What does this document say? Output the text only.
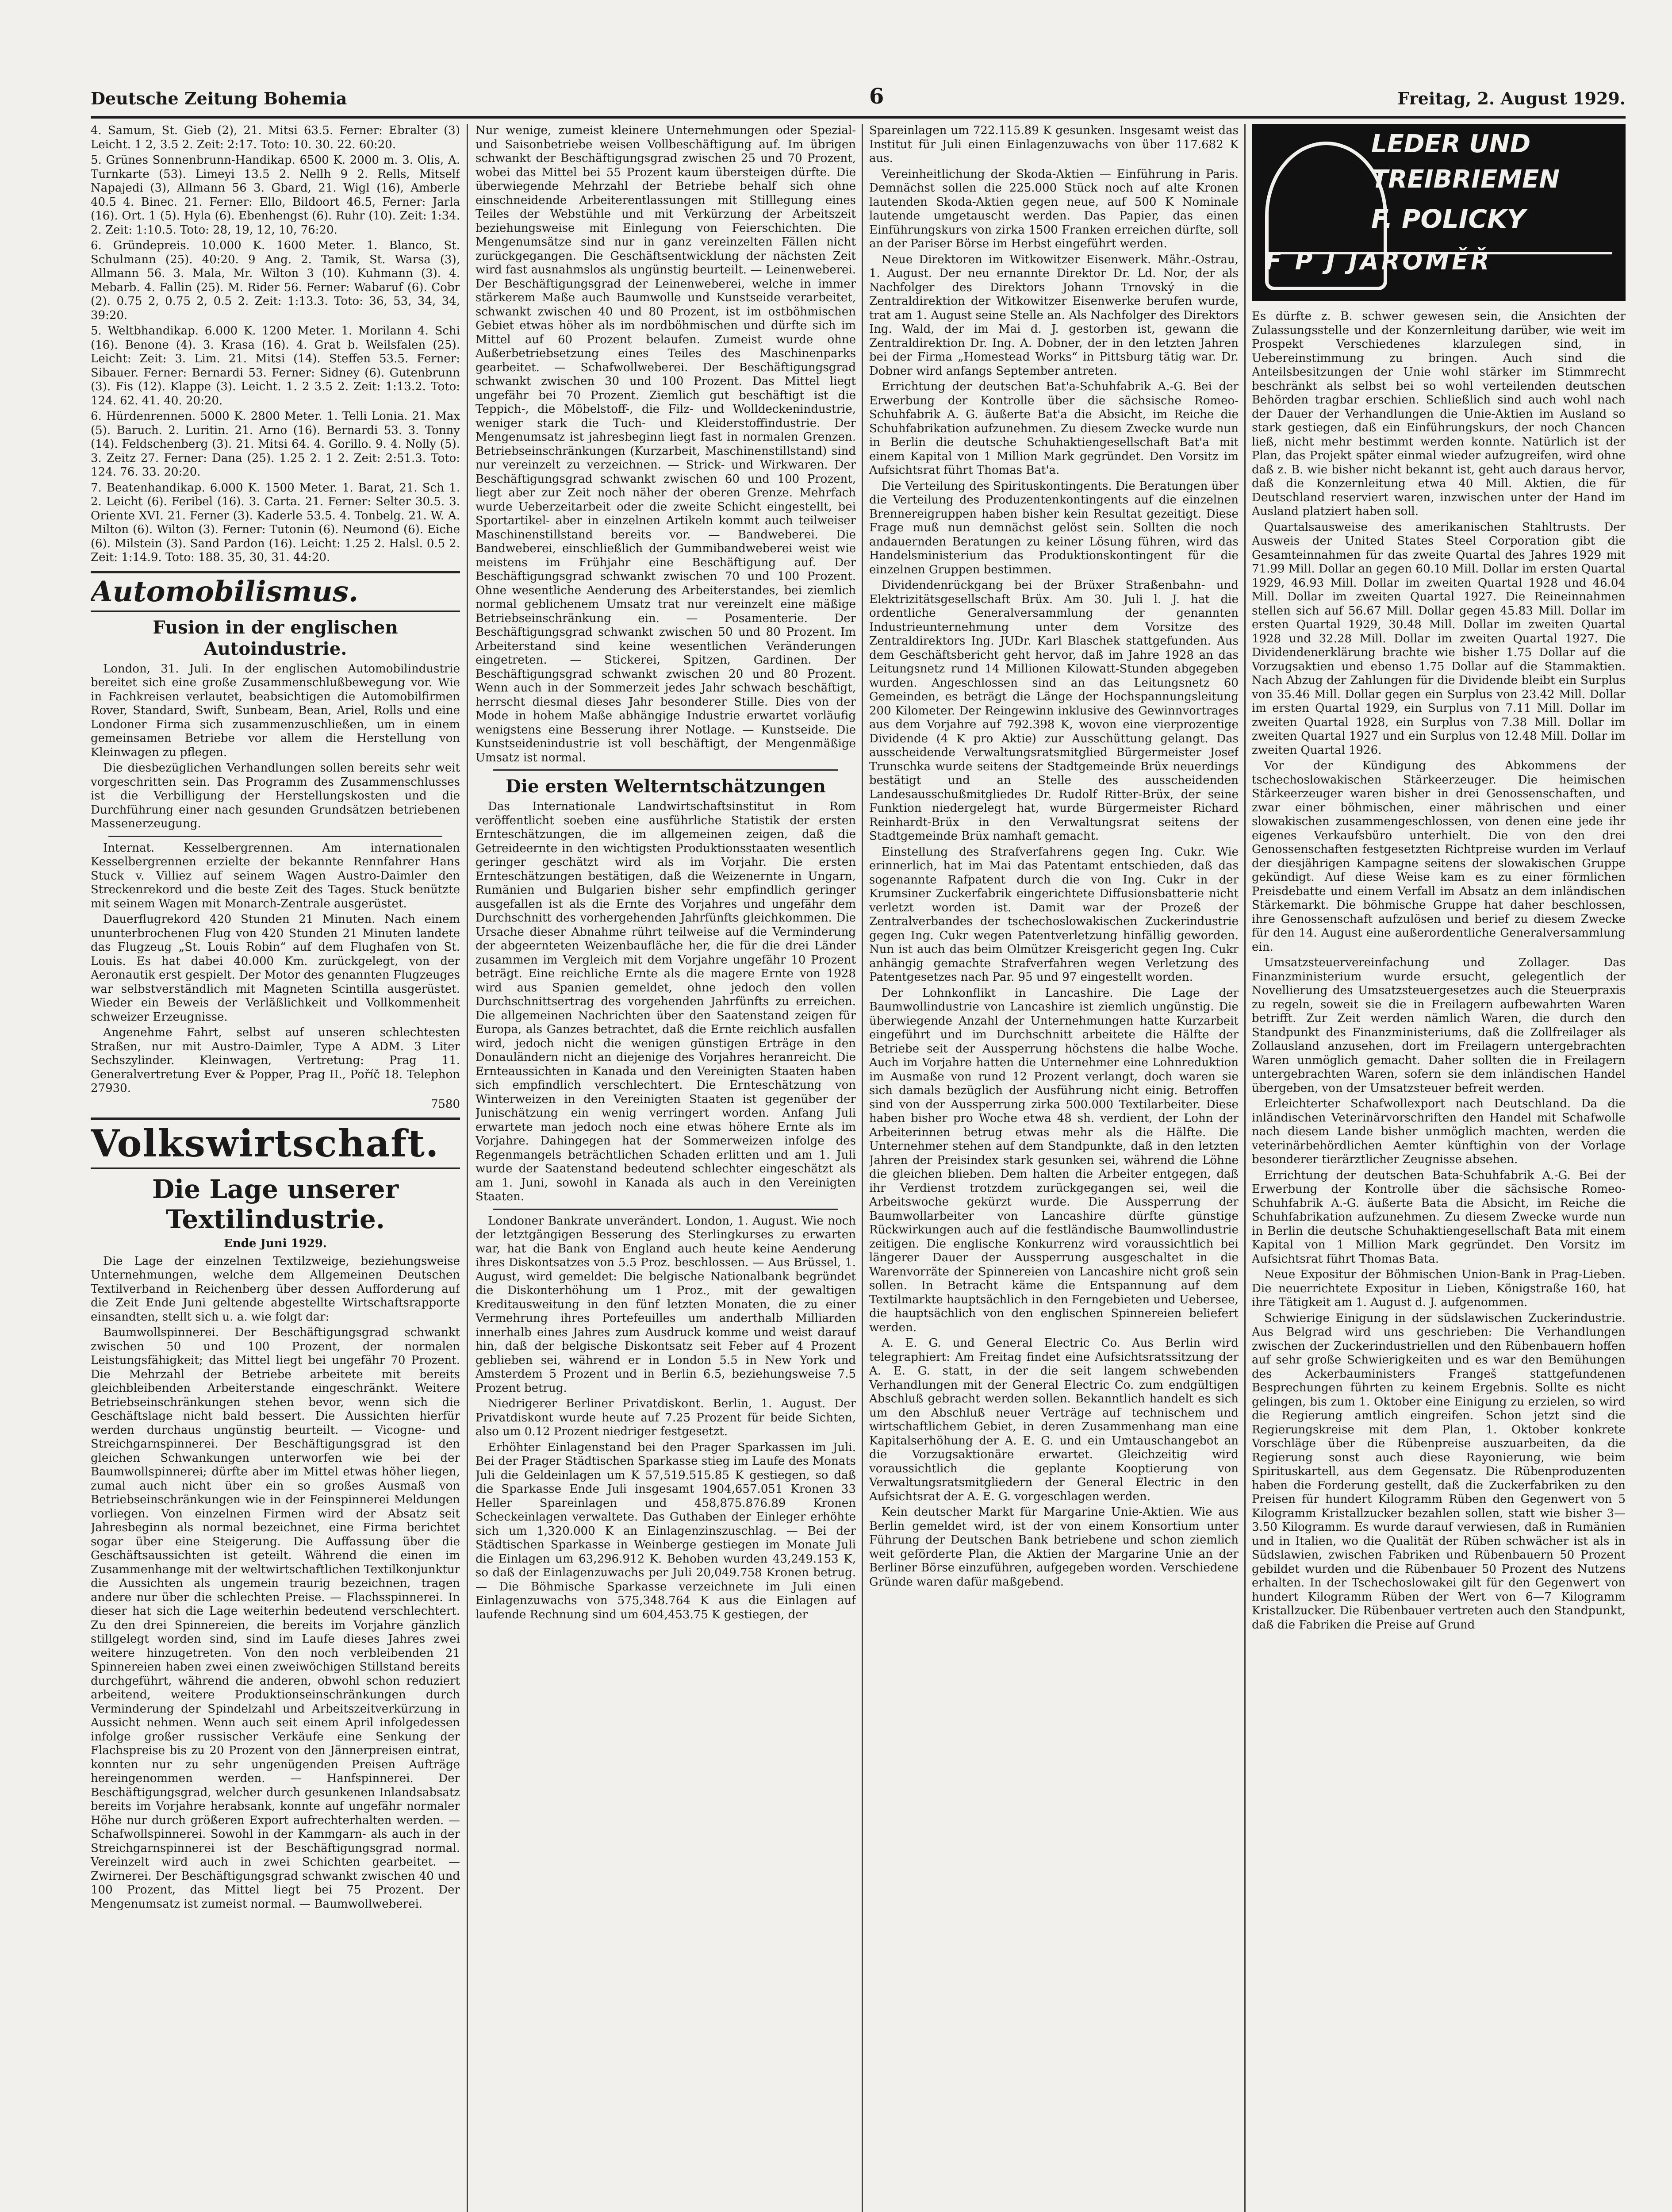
Deutsche Zeitung Bohemia	6	Freitag, 2. August 1929.

4. Samum, St. Gieb (2), 21. Mitsi 63.5. Ferner: Ebralter (3) Leicht. 1 2, 3.5 2. Zeit: 2:17. Toto: 10. 30. 22. 60:20.

5. Grünes Sonnenbrunn-Handikap. 6500 K. 2000 m. 3. Olis, A. Turnkarte (53). Limeyi 13.5 2. Nellh 9 2. Rells, Mitself Napajedi (3), Allmann 56 3. Gbard, 21. Wigl (16), Amberle 40.5 4. Binec. 21. Ferner: Ello, Bildoort 46.5, Ferner: Jarla (16). Ort. 1 (5). Hyla (6). Ebenhengst (6). Ruhr (10). Zeit: 1:34. 2. Zeit: 1:10.5. Toto: 28, 19, 12, 10, 76:20.

6. Gründepreis. 10.000 K. 1600 Meter. 1. Blanco, St. Schulmann (25). 40:20. 9 Ang. 2. Tamik, St. Warsa (3), Allmann 56. 3. Mala, Mr. Wilton 3 (10). Kuhmann (3). 4. Mebarb. 4. Fallin (25). M. Rider 56. Ferner: Wabaruf (6). Cobr (2). 0.75 2, 0.75 2, 0.5 2. Zeit: 1:13.3. Toto: 36, 53, 34, 34, 39:20.

5. Weltbhandikap. 6.000 K. 1200 Meter. 1. Morilann 4. Schi (16). Benone (4). 3. Krasa (16). 4. Grat b. Weilsfalen (25). Leicht: Zeit: 3. Lim. 21. Mitsi (14). Steffen 53.5. Ferner: Sibauer. Ferner: Bernardi 53. Ferner: Sidney (6). Gutenbrunn (3). Fis (12). Klappe (3). Leicht. 1. 2 3.5 2. Zeit: 1:13.2. Toto: 124. 62. 41. 40. 20:20.

6. Hürdenrennen. 5000 K. 2800 Meter. 1. Telli Lonia. 21. Max (5). Baruch. 2. Luritin. 21. Arno (16). Bernardi 53. 3. Tonny (14). Feldschenberg (3). 21. Mitsi 64. 4. Gorillo. 9. 4. Nolly (5). 3. Zeitz 27. Ferner: Dana (25). 1.25 2. 1 2. Zeit: 2:51.3. Toto: 124. 76. 33. 20:20.

7. Beatenhandikap. 6.000 K. 1500 Meter. 1. Barat, 21. Sch 1. 2. Leicht (6). Feribel (16). 3. Carta. 21. Ferner: Selter 30.5. 3. Oriente XVI. 21. Ferner (3). Kaderle 53.5. 4. Tonbelg. 21. W. A. Milton (6). Wilton (3). Ferner: Tutonin (6). Neumond (6). Eiche (6). Milstein (3). Sand Pardon (16). Leicht: 1.25 2. Halsl. 0.5 2. Zeit: 1:14.9. Toto: 188. 35, 30, 31. 44:20.

Automobilismus.
Fusion in der englischen Autoindustrie.

London, 31. Juli. In der englischen Automobilindustrie bereitet sich eine große Zusammenschlußbewegung vor. Wie in Fachkreisen verlautet, beabsichtigen die Automobilfirmen Rover, Standard, Swift, Sunbeam, Bean, Ariel, Rolls und eine Londoner Firma sich zusammenzuschließen, um in einem gemeinsamen Betriebe vor allem die Herstellung von Kleinwagen zu pflegen.

Die diesbezüglichen Verhandlungen sollen bereits sehr weit vorgeschritten sein. Das Programm des Zusammenschlusses ist die Verbilligung der Herstellungskosten und die Durchführung einer nach gesunden Grundsätzen betriebenen Massenerzeugung.

Internat. Kesselbergrennen. Am internationalen Kesselbergrennen erzielte der bekannte Rennfahrer Hans Stuck v. Villiez auf seinem Wagen Austro-Daimler den Streckenrekord und die beste Zeit des Tages. Stuck benützte mit seinem Wagen mit Monarch-Zentrale ausgerüstet.

Dauerflugrekord 420 Stunden 21 Minuten. Nach einem ununterbrochenen Flug von 420 Stunden 21 Minuten landete das Flugzeug „St. Louis Robin“ auf dem Flughafen von St. Louis. Es hat dabei 40.000 Km. zurückgelegt, von der Aeronautik erst gespielt. Der Motor des genannten Flugzeuges war selbstverständlich mit Magneten Scintilla ausgerüstet. Wieder ein Beweis der Verläßlichkeit und Vollkommenheit schweizer Erzeugnisse.

Angenehme Fahrt, selbst auf unseren schlechtesten Straßen, nur mit Austro-Daimler, Type A ADM. 3 Liter Sechszylinder. Kleinwagen, Vertretung: Prag 11. Generalvertretung Ever & Popper, Prag II., Poříč 18. Telephon 27930.

7580

Volkswirtschaft.
Die Lage unserer Textilindustrie.
Ende Juni 1929.

Die Lage der einzelnen Textilzweige, beziehungsweise Unternehmungen, welche dem Allgemeinen Deutschen Textilverband in Reichenberg über dessen Aufforderung auf die Zeit Ende Juni geltende abgestellte Wirtschaftsrapporte einsandten, stellt sich u. a. wie folgt dar:

Baumwollspinnerei. Der Beschäftigungsgrad schwankt zwischen 50 und 100 Prozent, der normalen Leistungsfähigkeit; das Mittel liegt bei ungefähr 70 Prozent. Die Mehrzahl der Betriebe arbeitete mit bereits gleichbleibenden Arbeiterstande eingeschränkt. Weitere Betriebseinschränkungen stehen bevor, wenn sich die Geschäftslage nicht bald bessert. Die Aussichten hierfür werden durchaus ungünstig beurteilt. — Vicogne- und Streichgarnspinnerei. Der Beschäftigungsgrad ist den gleichen Schwankungen unterworfen wie bei der Baumwollspinnerei; dürfte aber im Mittel etwas höher liegen, zumal auch nicht über ein so großes Ausmaß von Betriebseinschränkungen wie in der Feinspinnerei Meldungen vorliegen. Von einzelnen Firmen wird der Absatz seit Jahresbeginn als normal bezeichnet, eine Firma berichtet sogar über eine Steigerung. Die Auffassung über die Geschäftsaussichten ist geteilt. Während die einen im Zusammenhange mit der weltwirtschaftlichen Textilkonjunktur die Aussichten als ungemein traurig bezeichnen, tragen andere nur über die schlechten Preise. — Flachsspinnerei. In dieser hat sich die Lage weiterhin bedeutend verschlechtert. Zu den drei Spinnereien, die bereits im Vorjahre gänzlich stillgelegt worden sind, sind im Laufe dieses Jahres zwei weitere hinzugetreten. Von den noch verbleibenden 21 Spinnereien haben zwei einen zweiwöchigen Stillstand bereits durchgeführt, während die anderen, obwohl schon reduziert arbeitend, weitere Produktionseinschränkungen durch Verminderung der Spindelzahl und Arbeitszeitverkürzung in Aussicht nehmen. Wenn auch seit einem April infolgedessen infolge großer russischer Verkäufe eine Senkung der Flachspreise bis zu 20 Prozent von den Jännerpreisen eintrat, konnten nur zu sehr ungenügenden Preisen Aufträge hereingenommen werden. — Hanfspinnerei. Der Beschäftigungsgrad, welcher durch gesunkenen Inlandsabsatz bereits im Vorjahre herabsank, konnte auf ungefähr normaler Höhe nur durch größeren Export aufrechterhalten werden. — Schafwollspinnerei. Sowohl in der Kammgarn- als auch in der Streichgarnspinnerei ist der Beschäftigungsgrad normal. Vereinzelt wird auch in zwei Schichten gearbeitet. — Zwirnerei. Der Beschäftigungsgrad schwankt zwischen 40 und 100 Prozent, das Mittel liegt bei 75 Prozent. Der Mengenumsatz ist zumeist normal. — Baumwollweberei.

Nur wenige, zumeist kleinere Unternehmungen oder Spezial- und Saisonbetriebe weisen Vollbeschäftigung auf. Im übrigen schwankt der Beschäftigungsgrad zwischen 25 und 70 Prozent, wobei das Mittel bei 55 Prozent kaum übersteigen dürfte. Die überwiegende Mehrzahl der Betriebe behalf sich ohne einschneidende Arbeiterentlassungen mit Stilllegung eines Teiles der Webstühle und mit Verkürzung der Arbeitszeit beziehungsweise mit Einlegung von Feierschichten. Die Mengenumsätze sind nur in ganz vereinzelten Fällen nicht zurückgegangen. Die Geschäftsentwicklung der nächsten Zeit wird fast ausnahmslos als ungünstig beurteilt. — Leinenweberei. Der Beschäftigungsgrad der Leinenweberei, welche in immer stärkerem Maße auch Baumwolle und Kunstseide verarbeitet, schwankt zwischen 40 und 80 Prozent, ist im ostböhmischen Gebiet etwas höher als im nordböhmischen und dürfte sich im Mittel auf 60 Prozent belaufen. Zumeist wurde ohne Außerbetriebsetzung eines Teiles des Maschinenparks gearbeitet. — Schafwollweberei. Der Beschäftigungsgrad schwankt zwischen 30 und 100 Prozent. Das Mittel liegt ungefähr bei 70 Prozent. Ziemlich gut beschäftigt ist die Teppich-, die Möbelstoff-, die Filz- und Wolldeckenindustrie, weniger stark die Tuch- und Kleiderstoffindustrie. Der Mengenumsatz ist jahresbeginn liegt fast in normalen Grenzen. Betriebseinschränkungen (Kurzarbeit, Maschinenstillstand) sind nur vereinzelt zu verzeichnen. — Strick- und Wirkwaren. Der Beschäftigungsgrad schwankt zwischen 60 und 100 Prozent, liegt aber zur Zeit noch näher der oberen Grenze. Mehrfach wurde Ueberzeitarbeit oder die zweite Schicht eingestellt, bei Sportartikel- aber in einzelnen Artikeln kommt auch teilweiser Maschinenstillstand bereits vor. — Bandweberei. Die Bandweberei, einschließlich der Gummibandweberei weist wie meistens im Frühjahr eine Beschäftigung auf. Der Beschäftigungsgrad schwankt zwischen 70 und 100 Prozent. Ohne wesentliche Aenderung des Arbeiterstandes, bei ziemlich normal geblichenem Umsatz trat nur vereinzelt eine mäßige Betriebseinschränkung ein. — Posamenteriе. Der Beschäftigungsgrad schwankt zwischen 50 und 80 Prozent. Im Arbeiterstand sind keine wesentlichen Veränderungen eingetreten. — Stickerei, Spitzen, Gardinen. Der Beschäftigungsgrad schwankt zwischen 20 und 80 Prozent. Wenn auch in der Sommerzeit jedes Jahr schwach beschäftigt, herrscht diesmal dieses Jahr besonderer Stille. Dies von der Mode in hohem Maße abhängige Industrie erwartet vorläufig wenigstens eine Besserung ihrer Notlage. — Kunstseide. Die Kunstseidenindustrie ist voll beschäftigt, der Mengenmäßige Umsatz ist normal.

Die ersten Welterntschätzungen

Das Internationale Landwirtschaftsinstitut in Rom veröffentlicht soeben eine ausführliche Statistik der ersten Ernteschätzungen, die im allgemeinen zeigen, daß die Getreideernte in den wichtigsten Produktionsstaaten wesentlich geringer geschätzt wird als im Vorjahr. Die ersten Ernteschätzungen bestätigen, daß die Weizenernte in Ungarn, Rumänien und Bulgarien bisher sehr empfindlich geringer ausgefallen ist als die Ernte des Vorjahres und ungefähr dem Durchschnitt des vorhergehenden Jahrfünfts gleichkommen. Die Ursache dieser Abnahme rührt teilweise auf die Verminderung der abgeernteten Weizenbaufläche her, die für die drei Länder zusammen im Vergleich mit dem Vorjahre ungefähr 10 Prozent beträgt. Eine reichliche Ernte als die magere Ernte von 1928 wird aus Spanien gemeldet, ohne jedoch den vollen Durchschnittsertrag des vorgehenden Jahrfünfts zu erreichen. Die allgemeinen Nachrichten über den Saatenstand zeigen für Europa, als Ganzes betrachtet, daß die Ernte reichlich ausfallen wird, jedoch nicht die wenigen günstigen Erträge in den Donauländern nicht an diejenige des Vorjahres heranreicht. Die Ernteaussichten in Kanada und den Vereinigten Staaten haben sich empfindlich verschlechtert. Die Ernteschätzung von Winterweizen in den Vereinigten Staaten ist gegenüber der Junischätzung ein wenig verringert worden. Anfang Juli erwartete man jedoch noch eine etwas höhere Ernte als im Vorjahre. Dahingegen hat der Sommerweizen infolge des Regenmangels beträchtlichen Schaden erlitten und am 1. Juli wurde der Saatenstand bedeutend schlechter eingeschätzt als am 1. Juni, sowohl in Kanada als auch in den Vereinigten Staaten.

Londoner Bankrate unverändert. London, 1. August. Wie noch der letztgängigen Besserung des Sterlingkurses zu erwarten war, hat die Bank von England auch heute keine Aenderung ihres Diskontsatzes von 5.5 Proz. beschlossen. — Aus Brüssel, 1. August, wird gemeldet: Die belgische Nationalbank begründet die Diskonterhöhung um 1 Proz., mit der gewaltigen Kreditausweitung in den fünf letzten Monaten, die zu einer Vermehrung ihres Portefeuilles um anderthalb Milliarden innerhalb eines Jahres zum Ausdruck komme und weist darauf hin, daß der belgische Diskontsatz seit Feber auf 4 Prozent geblieben sei, während er in London 5.5 in New York und Amsterdem 5 Prozent und in Berlin 6.5, beziehungsweise 7.5 Prozent betrug.

Niedrigerer Berliner Privatdiskont. Berlin, 1. August. Der Privatdiskont wurde heute auf 7.25 Prozent für beide Sichten, also um 0.12 Prozent niedriger festgesetzt.

Erhöhter Einlagenstand bei den Prager Sparkassen im Juli. Bei der Prager Städtischen Sparkasse stieg im Laufe des Monats Juli die Geldeinlagen um K 57,519.515.85 K gestiegen, so daß die Sparkasse Ende Juli insgesamt 1904,657.051 Kronen 33 Heller Spareinlagen und 458,875.876.89 Kronen Scheckeinlagen verwaltete. Das Guthaben der Einleger erhöhte sich um 1,320.000 K an Einlagenzinszuschlag. — Bei der Städtischen Sparkasse in Weinberge gestiegen im Monate Juli die Einlagen um 63,296.912 K. Behoben wurden 43,249.153 K, so daß der Einlagenzuwachs per Juli 20,049.758 Kronen betrug. — Die Böhmische Sparkasse verzeichnete im Juli einen Einlagenzuwachs von 575,348.764 K aus die Einlagen auf laufende Rechnung sind um 604,453.75 K gestiegen, der

Spareinlagen um 722.115.89 K gesunken. Insgesamt weist das Institut für Juli einen Einlagenzuwachs von über 117.682 K aus.

Vereinheitlichung der Skoda-Aktien — Einführung in Paris. Demnächst sollen die 225.000 Stück noch auf alte Kronen lautenden Skoda-Aktien gegen neue, auf 500 K Nominale lautende umgetauscht werden. Das Papier, das einen Einführungskurs von zirka 1500 Franken erreichen dürfte, soll an der Pariser Börse im Herbst eingeführt werden.

Neue Direktoren im Witkowitzer Eisenwerk. Mähr.-Ostrau, 1. August. Der neu ernannte Direktor Dr. Ld. Nor, der als Nachfolger des Direktors Johann Trnovský in die Zentraldirektion der Witkowitzer Eisenwerke berufen wurde, trat am 1. August seine Stelle an. Als Nachfolger des Direktors Ing. Wald, der im Mai d. J. gestorben ist, gewann die Zentraldirektion Dr. Ing. A. Dobner, der in den letzten Jahren bei der Firma „Homestead Works“ in Pittsburg tätig war. Dr. Dobner wird anfangs September antreten.

Errichtung der deutschen Bat'a-Schuhfabrik A.-G. Bei der Erwerbung der Kontrolle über die sächsische Romeo-Schuhfabrik A. G. äußerte Bat'a die Absicht, im Reiche die Schuhfabrikation aufzunehmen. Zu diesem Zwecke wurde nun in Berlin die deutsche Schuhaktiengesellschaft Bat'a mit einem Kapital von 1 Million Mark gegründet. Den Vorsitz im Aufsichtsrat führt Thomas Bat'a.

Die Verteilung des Spirituskontingents. Die Beratungen über die Verteilung des Produzentenkontingents auf die einzelnen Brennereigruppen haben bisher kein Resultat gezeitigt. Diese Frage muß nun demnächst gelöst sein. Sollten die noch andauernden Beratungen zu keiner Lösung führen, wird das Handelsministerium das Produktionskontingent für die einzelnen Gruppen bestimmen.

Dividendenrückgang bei der Brüxer Straßenbahn- und Elektrizitätsgesellschaft Brüx. Am 30. Juli l. J. hat die ordentliche Generalversammlung der genannten Industrieunternehmung unter dem Vorsitze des Zentraldirektors Ing. JUDr. Karl Blaschek stattgefunden. Aus dem Geschäftsbericht geht hervor, daß im Jahre 1928 an das Leitungsnetz rund 14 Millionen Kilowatt-Stunden abgegeben wurden. Angeschlossen sind an das Leitungsnetz 60 Gemeinden, es beträgt die Länge der Hochspannungsleitung 200 Kilometer. Der Reingewinn inklusive des Gewinnvortrages aus dem Vorjahre auf 792.398 K, wovon eine vierprozentige Dividende (4 K pro Aktie) zur Ausschüttung gelangt. Das ausscheidende Verwaltungsratsmitglied Bürgermeister Josef Trunschka wurde seitens der Stadtgemeinde Brüx neuerdings bestätigt und an Stelle des ausscheidenden Landesausschußmitgliedes Dr. Rudolf Ritter-Brüx, der seine Funktion niedergelegt hat, wurde Bürgermeister Richard Reinhardt-Brüx in den Verwaltungsrat seitens der Stadtgemeinde Brüx namhaft gemacht.

Einstellung des Strafverfahrens gegen Ing. Cukr. Wie erinnerlich, hat im Mai das Patentamt entschieden, daß das sogenannte Rafpatent durch die von Ing. Cukr in der Krumsiner Zuckerfabrik eingerichtete Diffusionsbatterie nicht verletzt worden ist. Damit war der Prozeß der Zentralverbandes der tschechoslowakischen Zuckerindustrie gegen Ing. Cukr wegen Patentverletzung hinfällig geworden. Nun ist auch das beim Olmützer Kreisgericht gegen Ing. Cukr anhängig gemachte Strafverfahren wegen Verletzung des Patentgesetzes nach Par. 95 und 97 eingestellt worden.

Der Lohnkonflikt in Lancashire. Die Lage der Baumwollindustrie von Lancashire ist ziemlich ungünstig. Die überwiegende Anzahl der Unternehmungen hatte Kurzarbeit eingeführt und im Durchschnitt arbeitete die Hälfte der Betriebe seit der Aussperrung höchstens die halbe Woche. Auch im Vorjahre hatten die Unternehmer eine Lohnreduktion im Ausmaße von rund 12 Prozent verlangt, doch waren sie sich damals bezüglich der Ausführung nicht einig. Betroffen sind von der Aussperrung zirka 500.000 Textilarbeiter. Diese haben bisher pro Woche etwa 48 sh. verdient, der Lohn der Arbeiterinnen betrug etwas mehr als die Hälfte. Die Unternehmer stehen auf dem Standpunkte, daß in den letzten Jahren der Preisindex stark gesunken sei, während die Löhne die gleichen blieben. Dem halten die Arbeiter entgegen, daß ihr Verdienst trotzdem zurückgegangen sei, weil die Arbeitswoche gekürzt wurde. Die Aussperrung der Baumwollarbeiter von Lancashire dürfte günstige Rückwirkungen auch auf die festländische Baumwollindustrie zeitigen. Die englische Konkurrenz wird voraussichtlich bei längerer Dauer der Aussperrung ausgeschaltet in die Warenvorräte der Spinnereien von Lancashire nicht groß sein sollen. In Betracht käme die Entspannung auf dem Textilmarkte hauptsächlich in den Ferngebieten und Uebersee, die hauptsächlich von den englischen Spinnereien beliefert werden.

A. E. G. und General Electric Co. Aus Berlin wird telegraphiert: Am Freitag findet eine Aufsichtsratssitzung der A. E. G. statt, in der die seit langem schwebenden Verhandlungen mit der General Electric Co. zum endgültigen Abschluß gebracht werden sollen. Bekanntlich handelt es sich um den Abschluß neuer Verträge auf technischem und wirtschaftlichem Gebiet, in deren Zusammenhang man eine Kapitalserhöhung der A. E. G. und ein Umtauschangebot an die Vorzugsaktionäre erwartet. Gleichzeitig wird voraussichtlich die geplante Kooptierung von Verwaltungsratsmitgliedern der General Electric in den Aufsichtsrat der A. E. G. vorgeschlagen werden.

Kein deutscher Markt für Margarine Unie-Aktien. Wie aus Berlin gemeldet wird, ist der von einem Konsortium unter Führung der Deutschen Bank betriebene und schon ziemlich weit geförderte Plan, die Aktien der Margarine Unie an der Berliner Börse einzuführen, aufgegeben worden. Verschiedene Gründe waren dafür maßgebend.

LEDER UND
TREIBRIEMEN
F. POLICKY
F P J JAROMĚŘ

Es dürfte z. B. schwer gewesen sein, die Ansichten der Zulassungsstelle und der Konzernleitung darüber, wie weit im Prospekt Verschiedenes klarzulegen sind, in Uebereinstimmung zu bringen. Auch sind die Anteilsbesitzungen der Unie wohl stärker im Stimmrecht beschränkt als selbst bei so wohl verteilenden deutschen Behörden tragbar erschien. Schließlich sind auch wohl nach der Dauer der Verhandlungen die Unie-Aktien im Ausland so stark gestiegen, daß ein Einführungskurs, der noch Chancen ließ, nicht mehr bestimmt werden konnte. Natürlich ist der Plan, das Projekt später einmal wieder aufzugreifen, wird ohne daß z. B. wie bisher nicht bekannt ist, geht auch daraus hervor, daß die Konzernleitung etwa 40 Mill. Aktien, die für Deutschland reserviert waren, inzwischen unter der Hand im Ausland platziert haben soll.

Quartalsausweise des amerikanischen Stahltrusts. Der Ausweis der United States Steel Corporation gibt die Gesamteinnahmen für das zweite Quartal des Jahres 1929 mit 71.99 Mill. Dollar an gegen 60.10 Mill. Dollar im ersten Quartal 1929, 46.93 Mill. Dollar im zweiten Quartal 1928 und 46.04 Mill. Dollar im zweiten Quartal 1927. Die Reineinnahmen stellen sich auf 56.67 Mill. Dollar gegen 45.83 Mill. Dollar im ersten Quartal 1929, 30.48 Mill. Dollar im zweiten Quartal 1928 und 32.28 Mill. Dollar im zweiten Quartal 1927. Die Dividendenerklärung brachte wie bisher 1.75 Dollar auf die Vorzugsaktien und ebenso 1.75 Dollar auf die Stammaktien. Nach Abzug der Zahlungen für die Dividende bleibt ein Surplus von 35.46 Mill. Dollar gegen ein Surplus von 23.42 Mill. Dollar im ersten Quartal 1929, ein Surplus von 7.11 Mill. Dollar im zweiten Quartal 1928, ein Surplus von 7.38 Mill. Dollar im zweiten Quartal 1927 und ein Surplus von 12.48 Mill. Dollar im zweiten Quartal 1926.

Vor der Kündigung des Abkommens der tschechoslowakischen Stärkeerzeuger. Die heimischen Stärkeerzeuger waren bisher in drei Genossenschaften, und zwar einer böhmischen, einer mährischen und einer slowakischen zusammengeschlossen, von denen eine jede ihr eigenes Verkaufsbüro unterhielt. Die von den drei Genossenschaften festgesetzten Richtpreise wurden im Verlauf der diesjährigen Kampagne seitens der slowakischen Gruppe gekündigt. Auf diese Weise kam es zu einer förmlichen Preisdebatte und einem Verfall im Absatz an dem inländischen Stärkemarkt. Die böhmische Gruppe hat daher beschlossen, ihre Genossenschaft aufzulösen und berief zu diesem Zwecke für den 14. August eine außerordentliche Generalversammlung ein.

Umsatzsteuervereinfachung und Zollager. Das Finanzministerium wurde ersucht, gelegentlich der Novellierung des Umsatzsteuergesetzes auch die Steuerpraxis zu regeln, soweit sie die in Freilagern aufbewahrten Waren betrifft. Zur Zeit werden nämlich Waren, die durch den Standpunkt des Finanzministeriums, daß die Zollfreilager als Zollausland anzusehen, dort im Freilagern untergebrachten Waren unmöglich gemacht. Daher sollten die in Freilagern untergebrachten Waren, sofern sie dem inländischen Handel übergeben, von der Umsatzsteuer befreit werden.

Erleichterter Schafwollexport nach Deutschland. Da die inländischen Veterinärvorschriften den Handel mit Schafwolle nach diesem Lande bisher unmöglich machten, werden die veterinärbehördlichen Aemter künftighin von der Vorlage besonderer tierärztlicher Zeugnisse absehen.

Errichtung der deutschen Bata-Schuhfabrik A.-G. Bei der Erwerbung der Kontrolle über die sächsische Romeo-Schuhfabrik A.-G. äußerte Bata die Absicht, im Reiche die Schuhfabrikation aufzunehmen. Zu diesem Zwecke wurde nun in Berlin die deutsche Schuhaktiengesellschaft Bata mit einem Kapital von 1 Million Mark gegründet. Den Vorsitz im Aufsichtsrat führt Thomas Bata.

Neue Expositur der Böhmischen Union-Bank in Prag-Lieben. Die neuerrichtete Expositur in Lieben, Königstraße 160, hat ihre Tätigkeit am 1. August d. J. aufgenommen.

Schwierige Einigung in der südslawischen Zuckerindustrie. Aus Belgrad wird uns geschrieben: Die Verhandlungen zwischen der Zuckerindustriellen und den Rübenbauern hoffen auf sehr große Schwierigkeiten und es war den Bemühungen des Ackerbauministers Frangeš stattgefundenen Besprechungen führten zu keinem Ergebnis. Sollte es nicht gelingen, bis zum 1. Oktober eine Einigung zu erzielen, so wird die Regierung amtlich eingreifen. Schon jetzt sind die Regierungskreise mit dem Plan, 1. Oktober konkrete Vorschläge über die Rübenpreise auszuarbeiten, da die Regierung sonst auch diese Rayonierung, wie beim Spirituskartell, aus dem Gegensatz. Die Rübenproduzenten haben die Forderung gestellt, daß die Zuckerfabriken zu den Preisen für hundert Kilogramm Rüben den Gegenwert von 5 Kilogramm Kristallzucker bezahlen sollen, statt wie bisher 3—3.50 Kilogramm. Es wurde darauf verwiesen, daß in Rumänien und in Italien, wo die Qualität der Rüben schwächer ist als in Südslawien, zwischen Fabriken und Rübenbauern 50 Prozent gebildet wurden und die Rübenbauer 50 Prozent des Nutzens erhalten. In der Tschechoslowakei gilt für den Gegenwert von hundert Kilogramm Rüben der Wert von 6—7 Kilogramm Kristallzucker. Die Rübenbauer vertreten auch den Standpunkt, daß die Fabriken die Preise auf Grund
